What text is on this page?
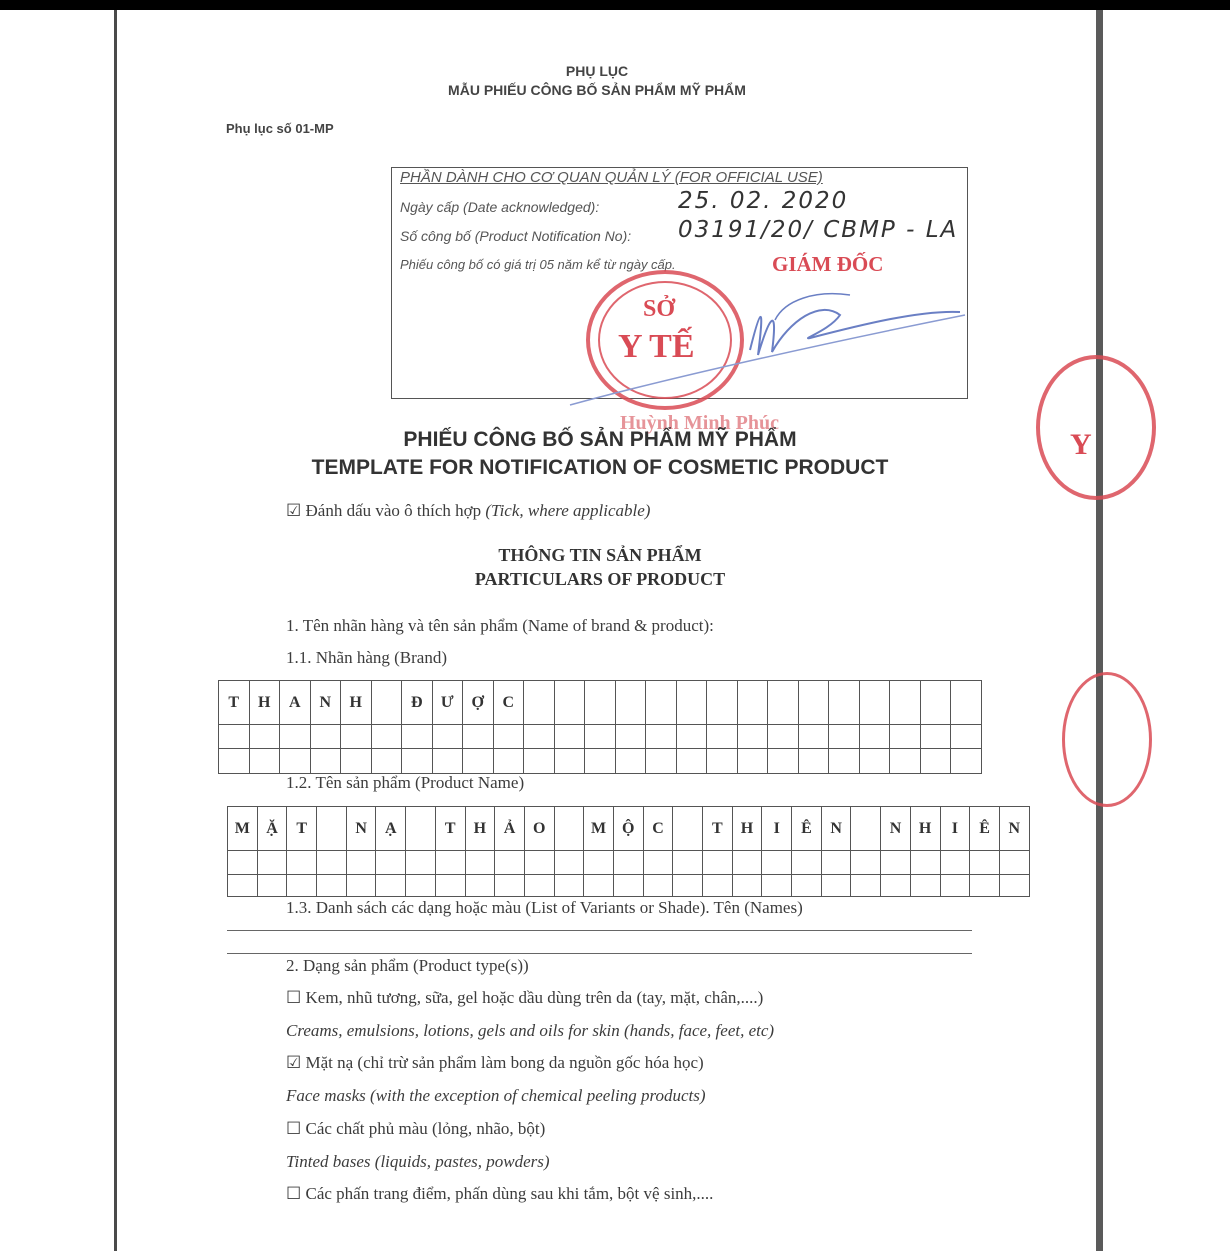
PHỤ LỤC
MẪU PHIẾU CÔNG BỐ SẢN PHẨM MỸ PHẨM
Phụ lục số 01-MP
PHẦN DÀNH CHO CƠ QUAN QUẢN LÝ (FOR OFFICIAL USE)
Ngày cấp (Date acknowledged):	25. 02. 2020
Số công bố (Product Notification No): 03191/20/ CBMP - LA
Phiếu công bố có giá trị 05 năm kể từ ngày cấp.
SỞ
Y TẾ
GIÁM ĐỐC
Huỳnh Minh Phúc
Y
PHIẾU CÔNG BỐ SẢN PHẨM MỸ PHẨM
TEMPLATE FOR NOTIFICATION OF COSMETIC PRODUCT
☑ Đánh dấu vào ô thích hợp (Tick, where applicable)
THÔNG TIN SẢN PHẨM
PARTICULARS OF PRODUCT
1. Tên nhãn hàng và tên sản phẩm (Name of brand & product):
1.1. Nhãn hàng (Brand)
T	H	A	N	H		Đ	Ư	Ợ	C															

1.2. Tên sản phẩm (Product Name)
M	Ặ	T		N	Ạ		T	H	Ả	O		M	Ộ	C		T	H	I	Ê	N		N	H	I	Ê	N

1.3. Danh sách các dạng hoặc màu (List of Variants or Shade). Tên (Names)
2. Dạng sản phẩm (Product type(s))
☐ Kem, nhũ tương, sữa, gel hoặc dầu dùng trên da (tay, mặt, chân,....)
Creams, emulsions, lotions, gels and oils for skin (hands, face, feet, etc)
☑ Mặt nạ (chỉ trừ sản phẩm làm bong da nguồn gốc hóa học)
Face masks (with the exception of chemical peeling products)
☐ Các chất phủ màu (lỏng, nhão, bột)
Tinted bases (liquids, pastes, powders)
☐ Các phấn trang điểm, phấn dùng sau khi tắm, bột vệ sinh,....
